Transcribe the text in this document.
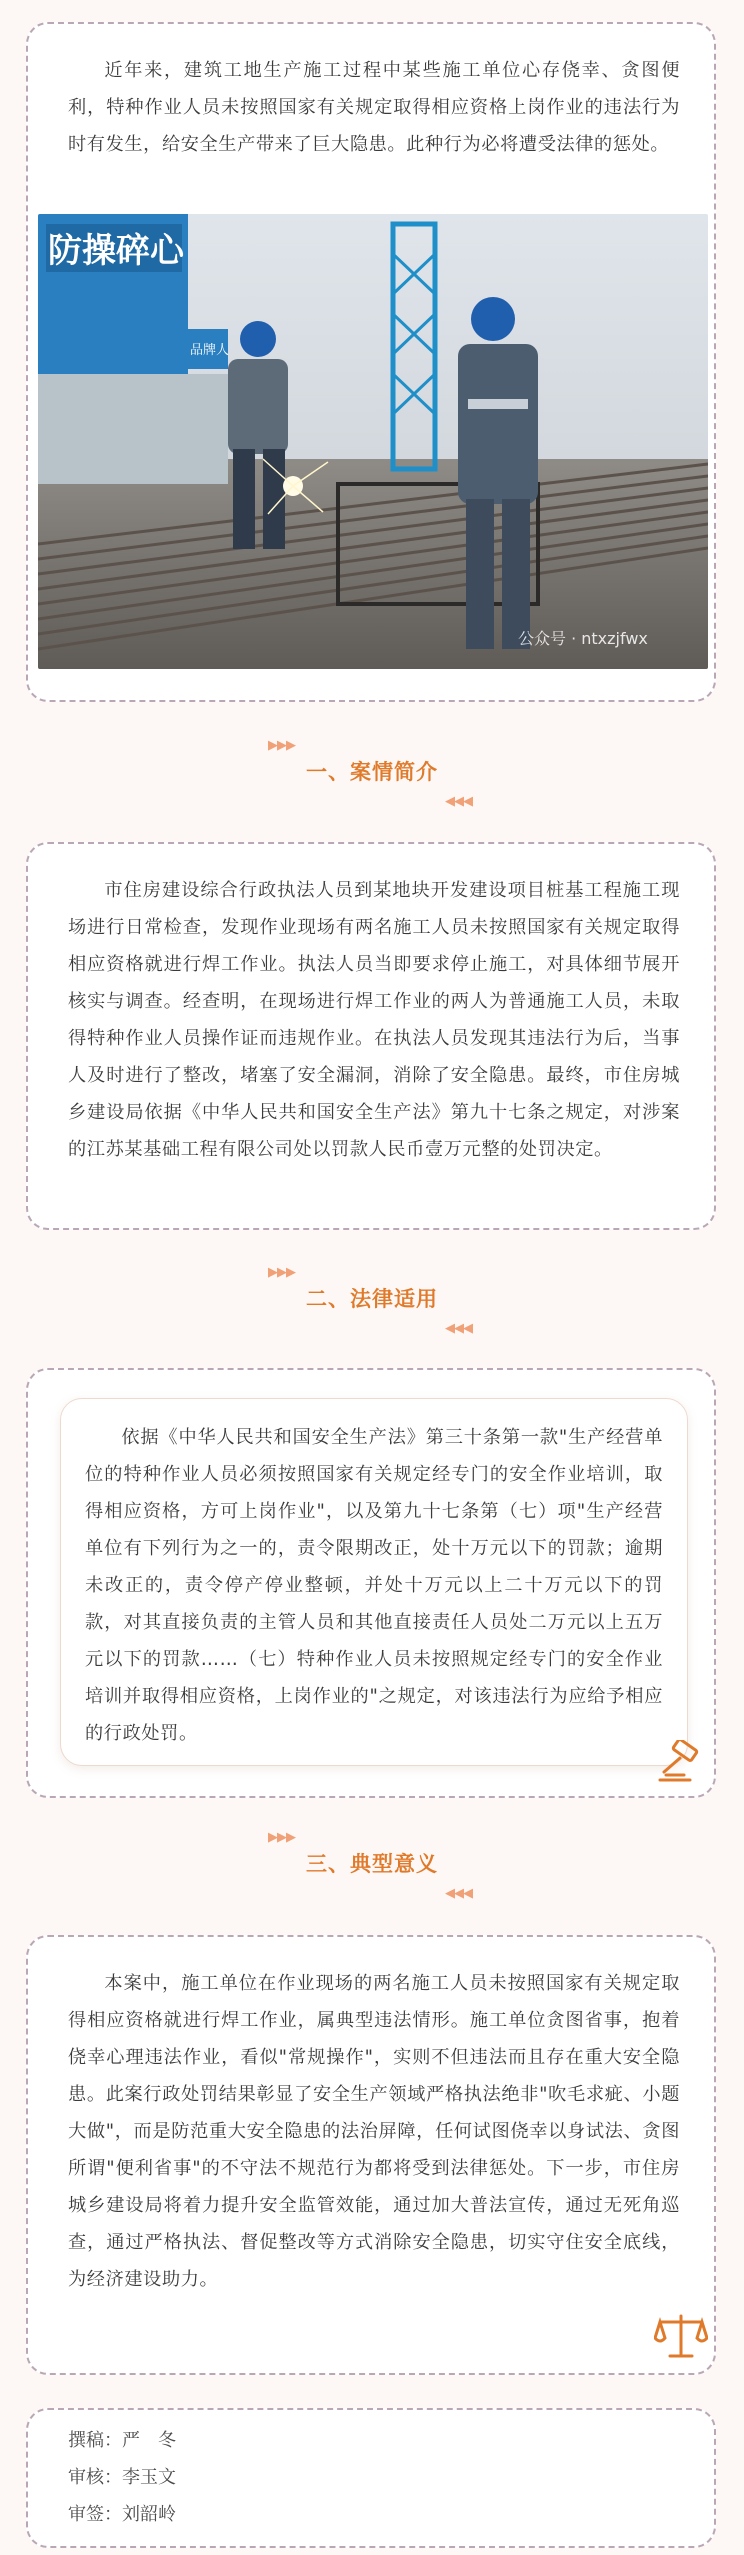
近年来，建筑工地生产施工过程中某些施工单位心存侥幸、贪图便利，特种作业人员未按照国家有关规定取得相应资格上岗作业的违法行为时有发生，给安全生产带来了巨大隐患。此种行为必将遭受法律的惩处。

防操碎心
品牌人
公众号 · ntxzjfwx
▶▶▶
一、案情简介
◀◀◀

市住房建设综合行政执法人员到某地块开发建设项目桩基工程施工现场进行日常检查，发现作业现场有两名施工人员未按照国家有关规定取得相应资格就进行焊工作业。执法人员当即要求停止施工，对具体细节展开核实与调查。经查明，在现场进行焊工作业的两人为普通施工人员，未取得特种作业人员操作证而违规作业。在执法人员发现其违法行为后，当事人及时进行了整改，堵塞了安全漏洞，消除了安全隐患。最终，市住房城乡建设局依据《中华人民共和国安全生产法》第九十七条之规定，对涉案的江苏某基础工程有限公司处以罚款人民币壹万元整的处罚决定。

▶▶▶
二、法律适用
◀◀◀

依据《中华人民共和国安全生产法》第三十条第一款"生产经营单位的特种作业人员必须按照国家有关规定经专门的安全作业培训，取得相应资格，方可上岗作业"，以及第九十七条第（七）项"生产经营单位有下列行为之一的，责令限期改正，处十万元以下的罚款；逾期未改正的，责令停产停业整顿，并处十万元以上二十万元以下的罚款，对其直接负责的主管人员和其他直接责任人员处二万元以上五万元以下的罚款……（七）特种作业人员未按照规定经专门的安全作业培训并取得相应资格，上岗作业的"之规定，对该违法行为应给予相应的行政处罚。

▶▶▶
三、典型意义
◀◀◀

本案中，施工单位在作业现场的两名施工人员未按照国家有关规定取得相应资格就进行焊工作业，属典型违法情形。施工单位贪图省事，抱着侥幸心理违法作业，看似"常规操作"，实则不但违法而且存在重大安全隐患。此案行政处罚结果彰显了安全生产领域严格执法绝非"吹毛求疵、小题大做"，而是防范重大安全隐患的法治屏障，任何试图侥幸以身试法、贪图所谓"便利省事"的不守法不规范行为都将受到法律惩处。下一步，市住房城乡建设局将着力提升安全监管效能，通过加大普法宣传，通过无死角巡查，通过严格执法、督促整改等方式消除安全隐患，切实守住安全底线，为经济建设助力。

撰稿：严　冬
审核：李玉文
审签：刘韶岭
